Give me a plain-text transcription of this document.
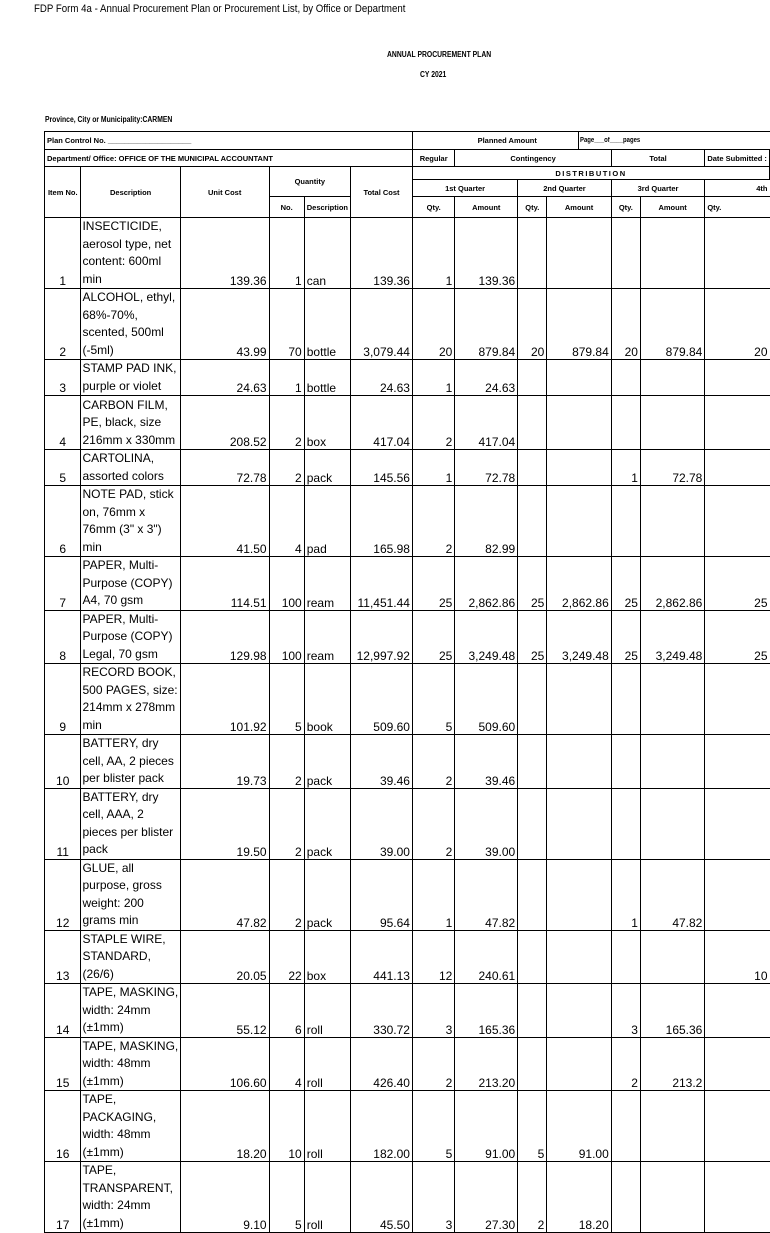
FDP Form 4a - Annual Procurement Plan or Procurement List, by Office or Department
ANNUAL PROCUREMENT PLAN
CY 2021
Province, City or Municipality:CARMEN
Plan Control No. ____________________						Planned Amount						
Department/ Office: OFFICE OF THE MUNICIPAL ACCOUNTANT						Regular	Contingency			Total		Date Submitted :
Item No.	Description	Unit Cost	Quantity		Total Cost	DISTRIBUTION						
						1st Quarter		2nd Quarter		3rd Quarter		4th
			No.	Description		Qty.	Amount	Qty.	Amount	Qty.	Amount	Qty.
1	INSECTICIDE, aerosol type, net content: 600ml min	139.36	1	can	139.36	1	139.36					
2	ALCOHOL, ethyl, 68%-70%, scented, 500ml (-5ml)	43.99	70	bottle	3,079.44	20	879.84	20	879.84	20	879.84	20
3	STAMP PAD INK, purple or violet	24.63	1	bottle	24.63	1	24.63					
4	CARBON FILM, PE, black, size 216mm x 330mm	208.52	2	box	417.04	2	417.04					
5	CARTOLINA, assorted colors	72.78	2	pack	145.56	1	72.78			1	72.78	
6	NOTE PAD, stick on, 76mm x 76mm (3" x 3") min	41.50	4	pad	165.98	2	82.99					
7	PAPER, Multi-Purpose (COPY) A4, 70 gsm	114.51	100	ream	11,451.44	25	2,862.86	25	2,862.86	25	2,862.86	25
8	PAPER, Multi-Purpose (COPY) Legal, 70 gsm	129.98	100	ream	12,997.92	25	3,249.48	25	3,249.48	25	3,249.48	25
9	RECORD BOOK, 500 PAGES, size: 214mm x 278mm min	101.92	5	book	509.60	5	509.60					
10	BATTERY, dry cell, AA, 2 pieces per blister pack	19.73	2	pack	39.46	2	39.46					
11	BATTERY, dry cell, AAA, 2 pieces per blister pack	19.50	2	pack	39.00	2	39.00					
12	GLUE, all purpose, gross weight: 200 grams min	47.82	2	pack	95.64	1	47.82			1	47.82	
13	STAPLE WIRE, STANDARD, (26/6)	20.05	22	box	441.13	12	240.61					10
14	TAPE, MASKING, width: 24mm (±1mm)	55.12	6	roll	330.72	3	165.36			3	165.36	
15	TAPE, MASKING, width: 48mm (±1mm)	106.60	4	roll	426.40	2	213.20			2	213.2	
16	TAPE, PACKAGING, width: 48mm (±1mm)	18.20	10	roll	182.00	5	91.00	5	91.00			
17	TAPE, TRANSPARENT, width: 24mm (±1mm)	9.10	5	roll	45.50	3	27.30	2	18.20			
Page___of____pages
